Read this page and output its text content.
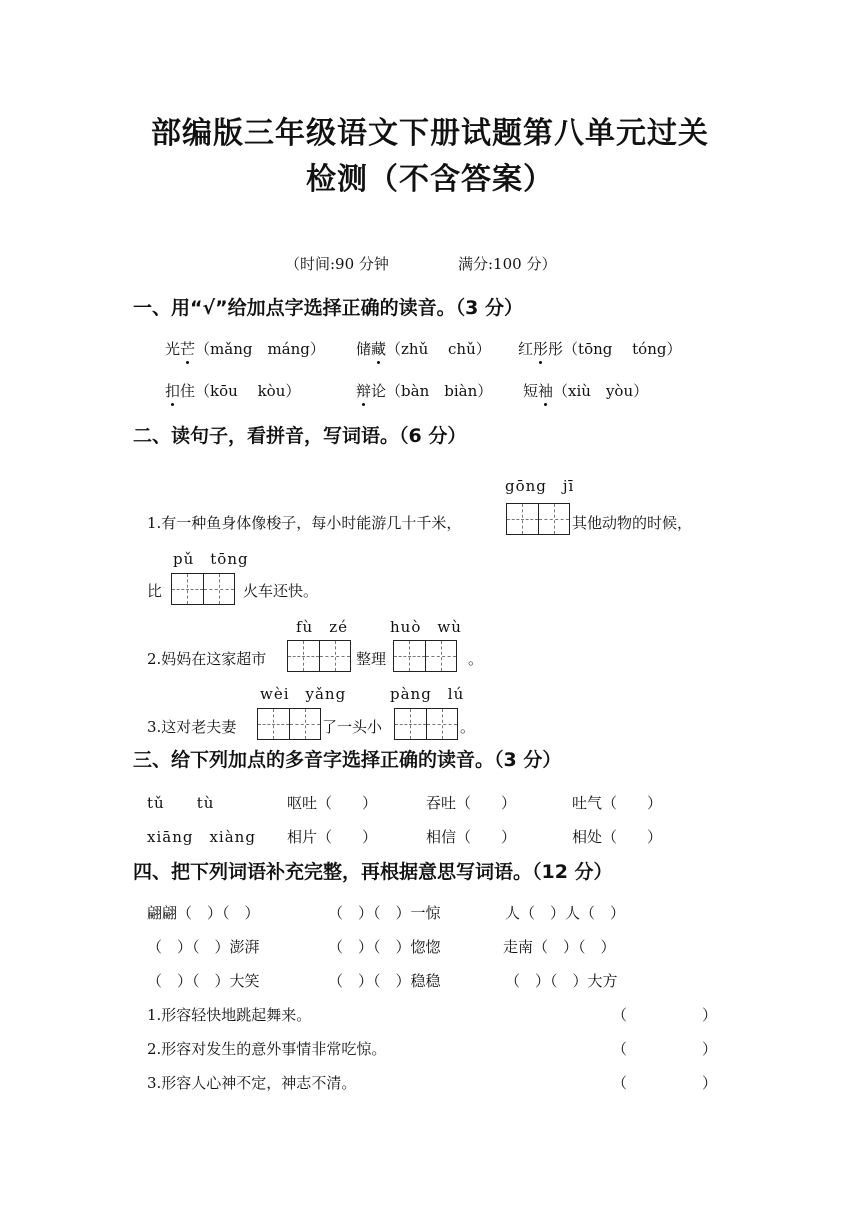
部编版三年级语文下册试题第八单元过关
检测（不含答案）
（时间:90 分钟	满分:100 分）
一、用“√”给加点字选择正确的读音。（3 分）
光芒（mǎng　máng） 储藏（zhǔ　 chǔ） 红彤彤（tōng　 tóng）
扣住（kōu　 kòu）	辩论（bàn　biàn） 短袖（xiù　yòu）
二、读句子，看拼音，写词语。（6 分）
gōng　jī
1.有一种鱼身体像梭子，每小时能游几十千米，	其他动物的时候，
pǔ　tōng
比	火车还快。
fù　zé	huò　wù
2.妈妈在这家超市	整理	。
wèi　yǎng	pàng　lú
3.这对老夫妻	了一头小	。
三、给下列加点的多音字选择正确的读音。（3 分）
tǔ　　tù	呕吐（　　）	吞吐（　　）	吐气（　　）
xiāng　xiàng 相片（　　）	相信（　　）	相处（　　）
四、把下列词语补充完整，再根据意思写词语。（12 分）
翩翩（　）（　）	（　）（　）一惊	人（　）人（　）
（　）（　）澎湃	（　）（　）惚惚	走南（　）（　）
（　）（　）大笑	（　）（　）稳稳	（　）（　）大方
1.形容轻快地跳起舞来。	（　　　　　）
2.形容对发生的意外事情非常吃惊。	（　　　　　）
3.形容人心神不定，神志不清。	（　　　　　）
